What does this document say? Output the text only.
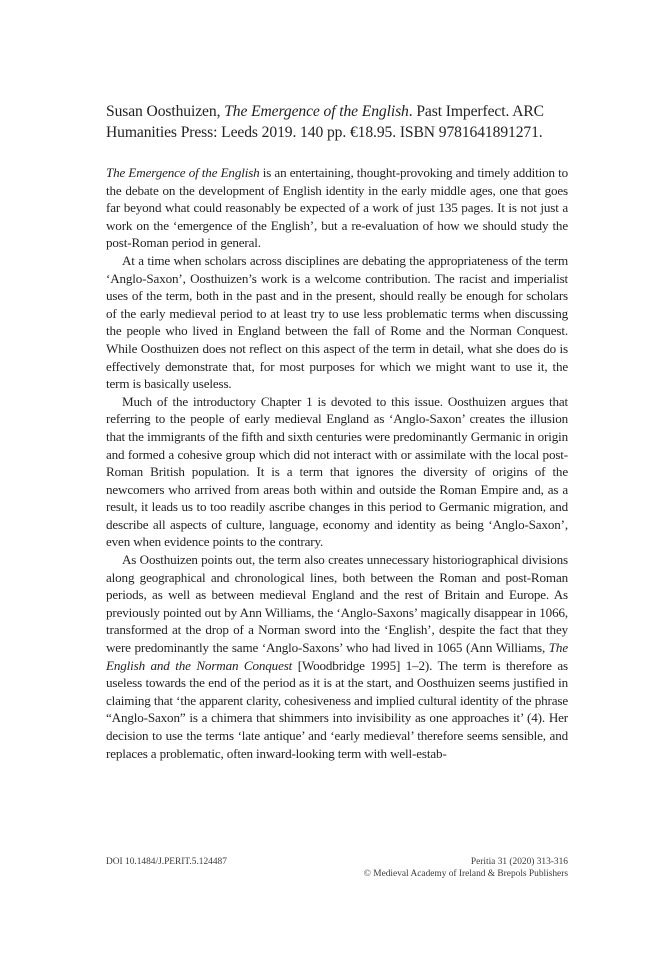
Susan Oosthuizen, The Emergence of the English. Past Imperfect. ARC Humanities Press: Leeds 2019. 140 pp. €18.95. ISBN 9781641891271.

The Emergence of the English is an entertaining, thought-provoking and timely addition to the debate on the development of English identity in the early middle ages, one that goes far beyond what could reasonably be expected of a work of just 135 pages. It is not just a work on the ‘emergence of the English’, but a re-evaluation of how we should study the post-Roman period in general.

At a time when scholars across disciplines are debating the appropriateness of the term ‘Anglo-Saxon’, Oosthuizen’s work is a welcome contribution. The racist and imperialist uses of the term, both in the past and in the present, should really be enough for scholars of the early medieval period to at least try to use less problematic terms when discussing the people who lived in England between the fall of Rome and the Norman Conquest. While Oosthuizen does not reflect on this aspect of the term in detail, what she does do is effectively demonstrate that, for most purposes for which we might want to use it, the term is basically useless.

Much of the introductory Chapter 1 is devoted to this issue. Oosthuizen argues that referring to the people of early medieval England as ‘Anglo-Saxon’ creates the illusion that the immigrants of the fifth and sixth centuries were predominantly Germanic in origin and formed a cohesive group which did not interact with or assimilate with the local post-Roman British population. It is a term that ignores the diversity of origins of the newcomers who arrived from areas both within and outside the Roman Empire and, as a result, it leads us to too readily ascribe changes in this period to Germanic migration, and describe all aspects of culture, language, economy and identity as being ‘Anglo-Saxon’, even when evidence points to the contrary.

As Oosthuizen points out, the term also creates unnecessary historiographical divisions along geographical and chronological lines, both between the Roman and post-Roman periods, as well as between medieval England and the rest of Britain and Europe. As previously pointed out by Ann Williams, the ‘Anglo-Saxons’ magically disappear in 1066, transformed at the drop of a Norman sword into the ‘English’, despite the fact that they were predominantly the same ‘Anglo-Saxons’ who had lived in 1065 (Ann Williams, The English and the Norman Conquest [Woodbridge 1995] 1–2). The term is therefore as useless towards the end of the period as it is at the start, and Oosthuizen seems justified in claiming that ‘the apparent clarity, cohesiveness and implied cultural identity of the phrase “Anglo-Saxon” is a chimera that shimmers into invisibility as one approaches it’ (4). Her decision to use the terms ‘late antique’ and ‘early medieval’ therefore seems sensible, and replaces a problematic, often inward-looking term with well-estab-

DOI 10.1484/J.PERIT.5.124487	Peritia 31 (2020) 313-316
© Medieval Academy of Ireland & Brepols Publishers
